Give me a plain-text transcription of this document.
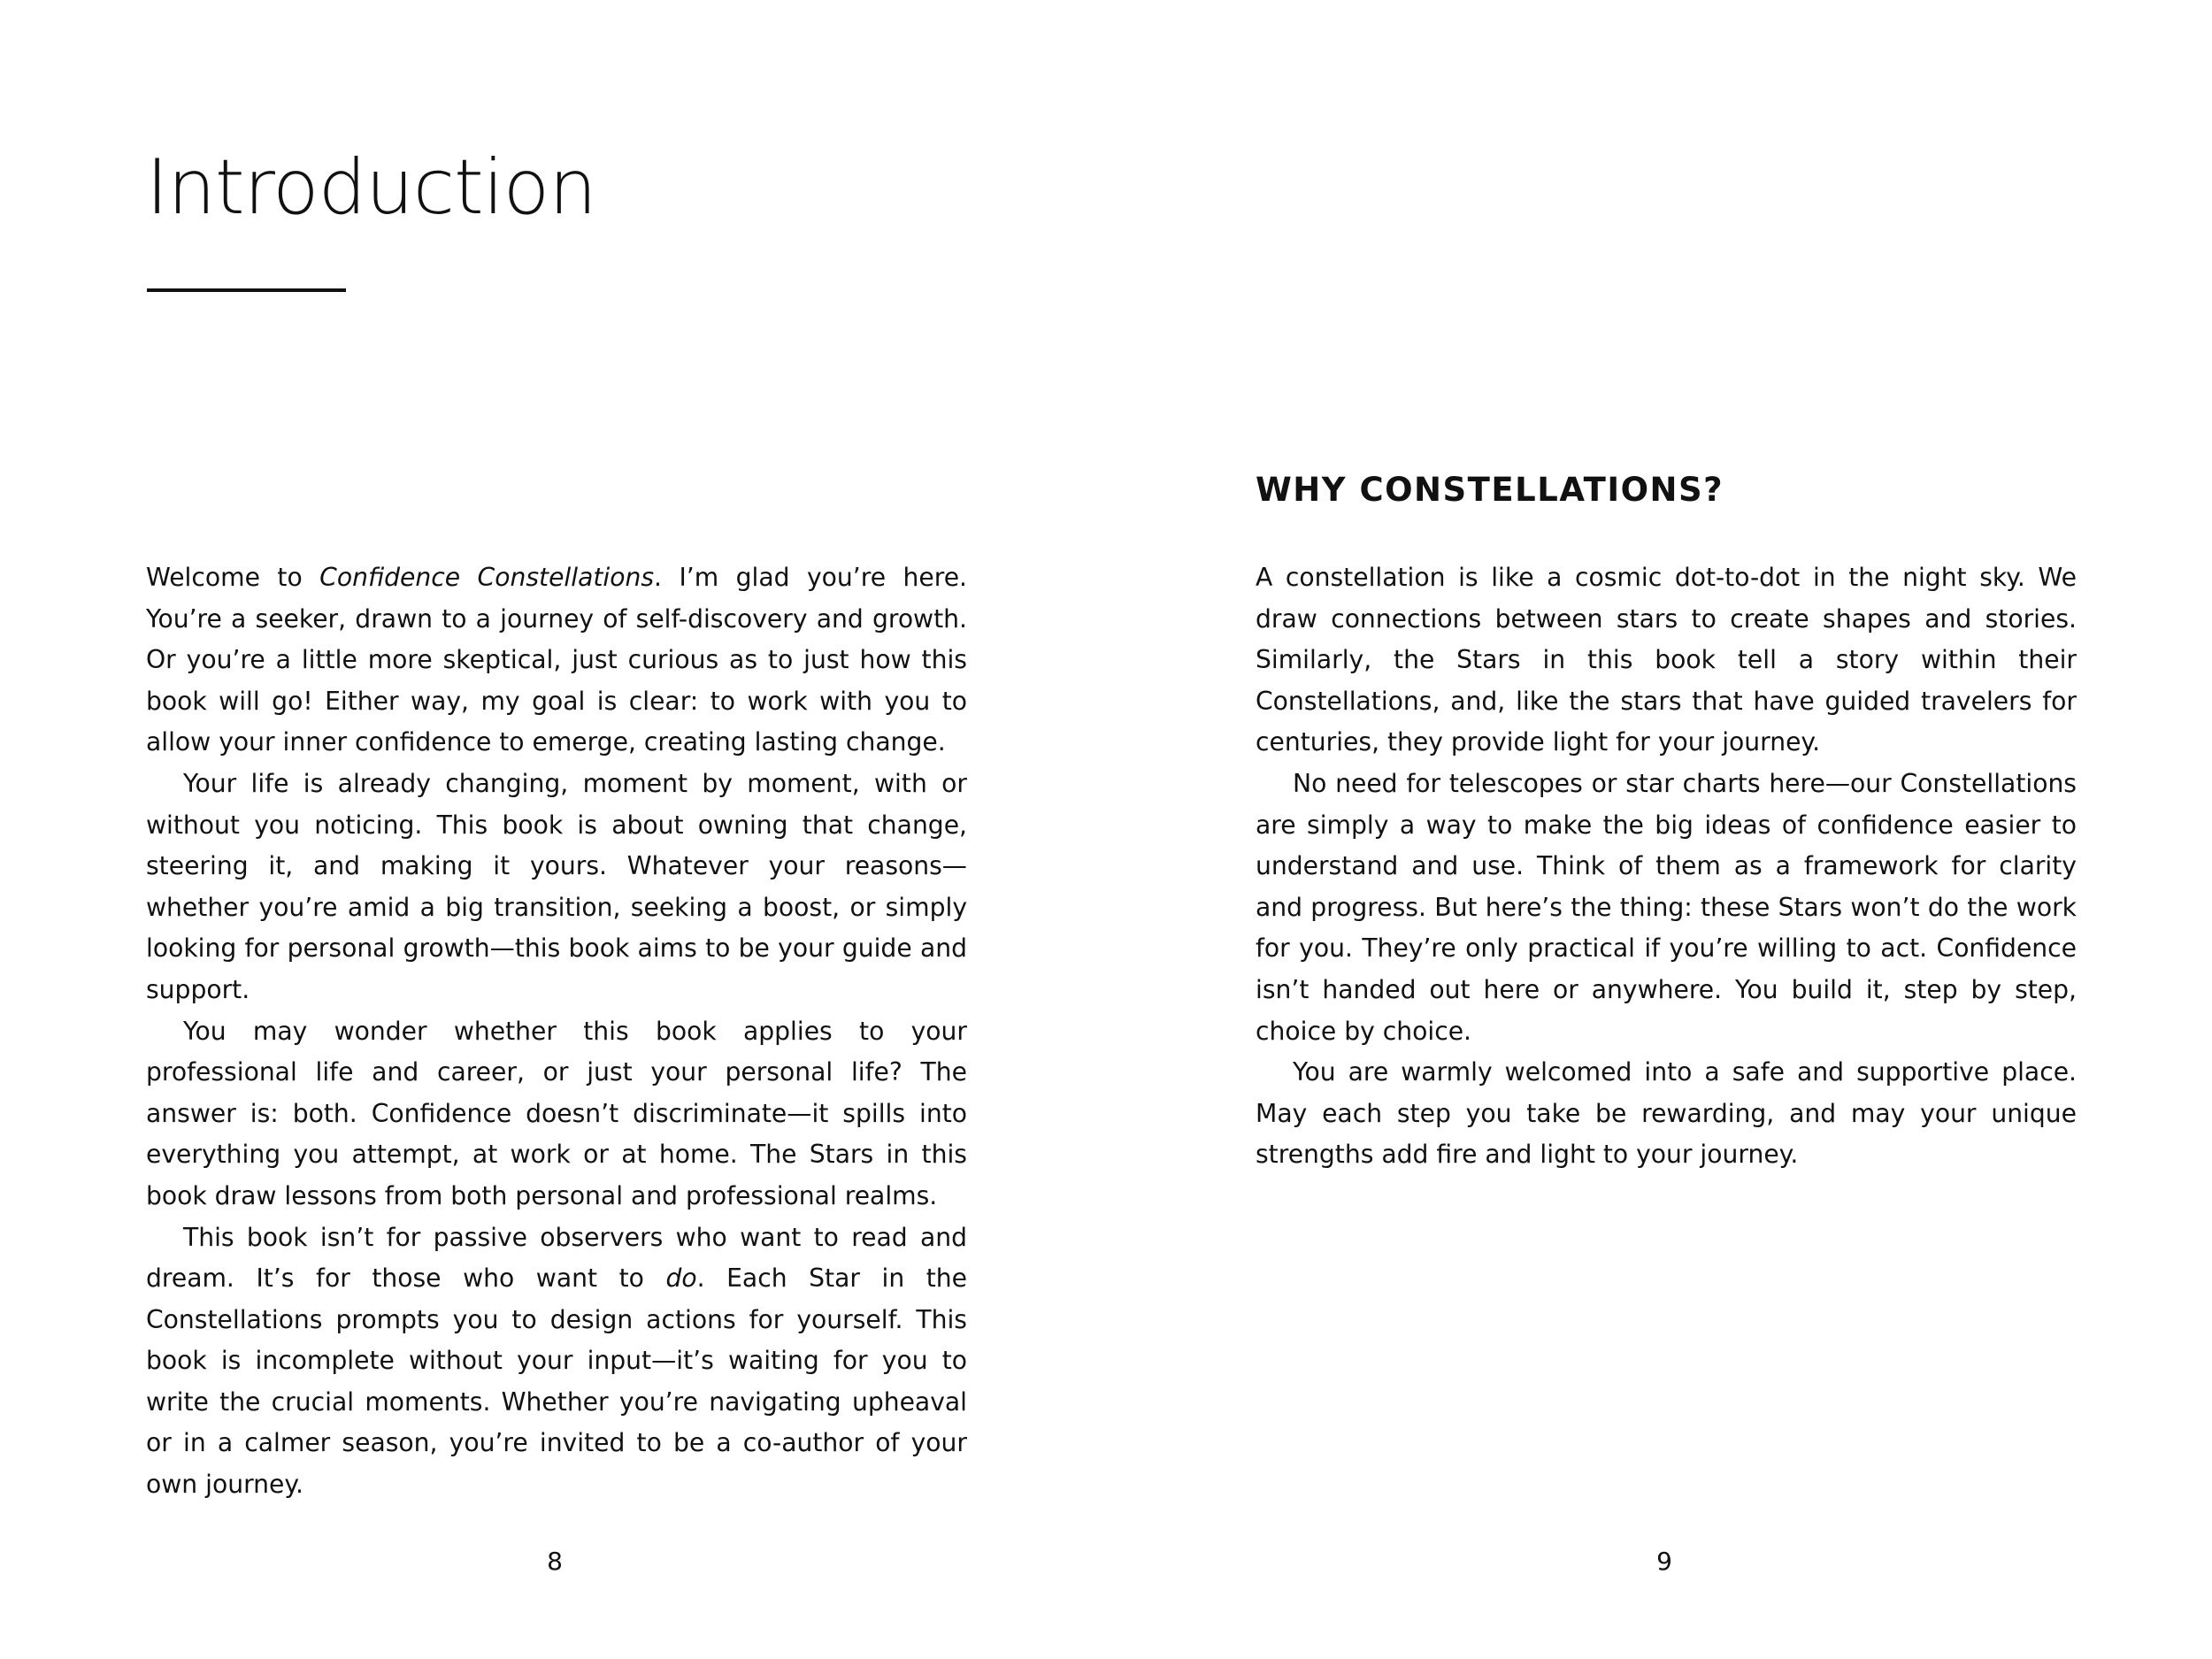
Introduction

Welcome to Confidence Constellations. I’m glad you’re here. You’re a seeker, drawn to a journey of self-discovery and growth. Or you’re a little more skeptical, just curious as to just how this book will go! Either way, my goal is clear: to work with you to allow your inner confidence to emerge, creating lasting change.

Your life is already changing, moment by moment, with or without you noticing. This book is about owning that change, steering it, and making it yours. Whatever your reasons—whether you’re amid a big transition, seeking a boost, or simply looking for personal growth—this book aims to be your guide and support.

You may wonder whether this book applies to your professional life and career, or just your personal life? The answer is: both. Confidence doesn’t discriminate—it spills into everything you attempt, at work or at home. The Stars in this book draw lessons from both personal and professional realms.

This book isn’t for passive observers who want to read and dream. It’s for those who want to do. Each Star in the Constellations prompts you to design actions for yourself. This book is incomplete without your input—it’s waiting for you to write the crucial moments. Whether you’re navigating upheaval or in a calmer season, you’re invited to be a co-author of your own journey.

8
WHY CONSTELLATIONS?

A constellation is like a cosmic dot-to-dot in the night sky. We draw connections between stars to create shapes and stories. Similarly, the Stars in this book tell a story within their Constellations, and, like the stars that have guided travelers for centuries, they provide light for your journey.

No need for telescopes or star charts here—our Constellations are simply a way to make the big ideas of confidence easier to understand and use. Think of them as a framework for clarity and progress. But here’s the thing: these Stars won’t do the work for you. They’re only practical if you’re willing to act. Confidence isn’t handed out here or anywhere. You build it, step by step, choice by choice.

You are warmly welcomed into a safe and supportive place. May each step you take be rewarding, and may your unique strengths add fire and light to your journey.

9
